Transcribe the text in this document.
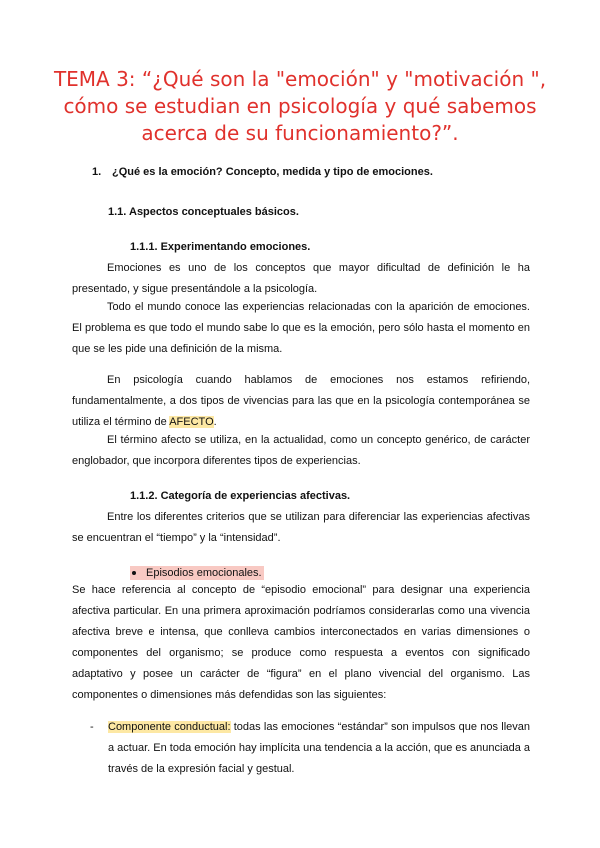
TEMA 3: “¿Qué son la "emoción" y "motivación ", cómo se estudian en psicología y qué sabemos acerca de su funcionamiento?”.
1. ¿Qué es la emoción? Concepto, medida y tipo de emociones.
1.1. Aspectos conceptuales básicos.
1.1.1. Experimentando emociones.

Emociones es uno de los conceptos que mayor dificultad de definición le ha presentado, y sigue presentándole a la psicología.

Todo el mundo conoce las experiencias relacionadas con la aparición de emociones. El problema es que todo el mundo sabe lo que es la emoción, pero sólo hasta el momento en que se les pide una definición de la misma.

En psicología cuando hablamos de emociones nos estamos refiriendo, fundamentalmente, a dos tipos de vivencias para las que en la psicología contemporánea se utiliza el término de AFECTO.

El término afecto se utiliza, en la actualidad, como un concepto genérico, de carácter englobador, que incorpora diferentes tipos de experiencias.

1.1.2. Categoría de experiencias afectivas.

Entre los diferentes criterios que se utilizan para diferenciar las experiencias afectivas se encuentran el “tiempo” y la “intensidad”.

Episodios emocionales.

Se hace referencia al concepto de “episodio emocional” para designar una experiencia afectiva particular. En una primera aproximación podríamos considerarlas como una vivencia afectiva breve e intensa, que conlleva cambios interconectados en varias dimensiones o componentes del organismo; se produce como respuesta a eventos con significado adaptativo y posee un carácter de “figura” en el plano vivencial del organismo. Las componentes o dimensiones más defendidas son las siguientes:

-	Componente conductual: todas las emociones “estándar” son impulsos que nos llevan a actuar. En toda emoción hay implícita una tendencia a la acción, que es anunciada a través de la expresión facial y gestual.
